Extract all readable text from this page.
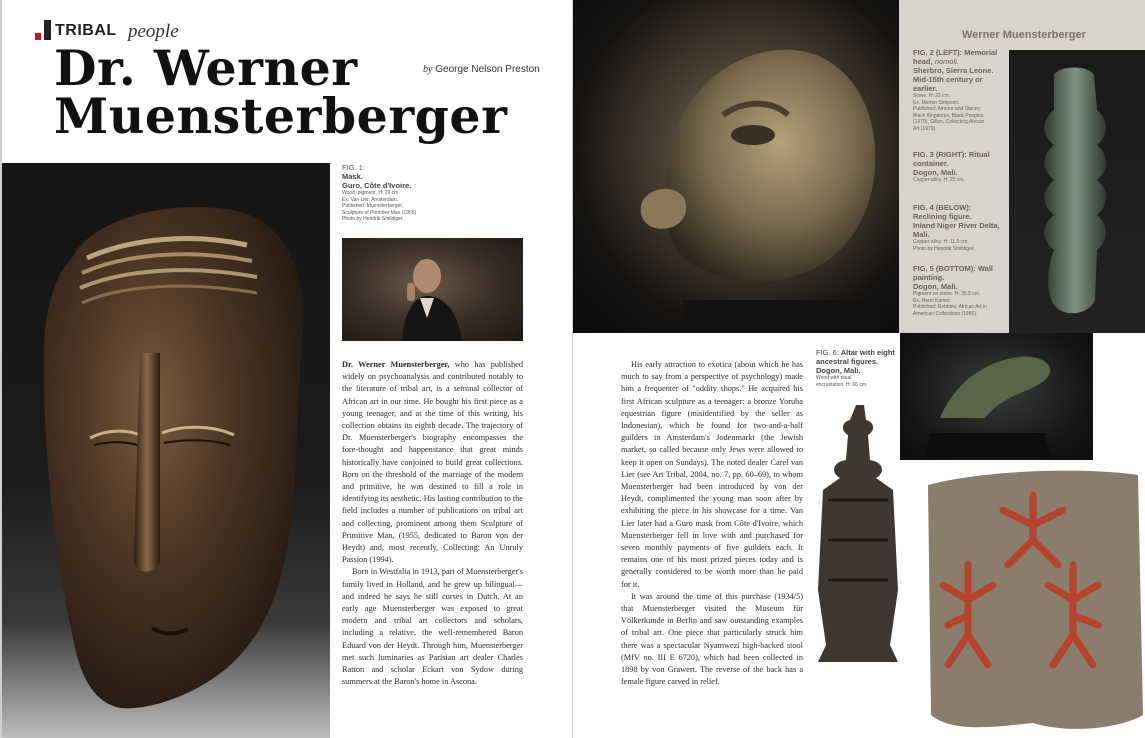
TRIBAL people
Dr. Werner
Muensterberger
by George Nelson Preston
FIG. 1:
Mask.
Guro, Côte d'Ivoire.
Wood, pigment. H: 29 cm.
Ex. Van Lier, Amsterdam.
Published: Muensterberger,
Sculpture of Primitive Man (1955)
Photo by Hendrik Smildiger.

Dr. Werner Muensterberger, who has published widely on psychoanalysis and contributed notably to the literature of tribal art, is a seminal collector of African art in our time. He bought his first piece as a young teenager, and at the time of this writing, his collection obtains its eighth decade. The trajectory of Dr. Muensterberger's biography encompasses the fore-thought and happenstance that great minds historically have conjoined to build great collections. Born on the threshold of the marriage of the modern and primitive, he was destined to fill a role in identifying its aesthetic. His lasting contribution to the field includes a number of publications on tribal art and collecting, prominent among them Sculpture of Primitive Man, (1955, dedicated to Baron von der Heydt) and, most recently, Collecting: An Unruly Passion (1994).

Born in Westfalia in 1913, part of Muensterberger's family lived in Holland, and he grew up bilingual—and indeed he says he still curses in Dutch. At an early age Muensterberger was exposed to great modern and tribal art collectors and scholars, including a relative, the well-remembered Baron Eduard von der Heydt. Through him, Muensterberger met such luminaries as Parisian art dealer Charles Ratton and scholar Eckart von Sydow during summers at the Baron's home in Ascona.

Werner Muensterberger
FIG. 2 (LEFT): Memorial head, nomoli.
Sherbro, Sierra Leone. Mid-15th century or earlier.
Stone. H: 22 cm.
Ex. Merton Simpson.
Published: Atmore and Stacey,
Black Kingdoms, Black Peoples
(1979), Gillon, Collecting African
Art (1979).
FIG. 3 (RIGHT): Ritual container.
Dogon, Mali.
Copper alloy. H: 20 cm.
FIG. 4 (BELOW): Reclining figure.
Inland Niger River Delta, Mali.
Copper alloy. H: 11.5 cm.
Photo by Hendrik Smildiger.
FIG. 5 (BOTTOM): Wall painting.
Dogon, Mali.
Pigment on stone. H: 35.5 cm.
Ex. Henri Kamer.
Published: Robbins, African Art in
American Collections (1966).
FIG. 6: Altar with eight ancestral figures.
Dogon, Mali.
Wood with ritual
encrustation. H: 66 cm.

His early attraction to exotica (about which he has much to say from a perspective of psychology) made him a frequenter of "oddity shops." He acquired his first African sculpture as a teenager: a bronze Yoruba equestrian figure (misidentified by the seller as Indonesian), which he found for two-and-a-half guilders in Amsterdam's Jodenmarkt (the Jewish market, so called because only Jews were allowed to keep it open on Sundays). The noted dealer Carel van Lier (see Art Tribal, 2004, no. 7, pp. 60–69), to whom Muensterberger had been introduced by von der Heydt, complimented the young man soon after by exhibiting the piece in his showcase for a time. Van Lier later had a Guro mask from Côte d'Ivoire, which Muensterberger fell in love with and purchased for seven monthly payments of five guilders each. It remains one of his most prized pieces today and is generally considered to be worth more than he paid for it.

It was around the time of this purchase (1934/5) that Muensterberger visited the Museum für Völkerkunde in Berlin and saw outstanding examples of tribal art. One piece that particularly struck him there was a spectacular Nyamwezi high-backed stool (MfV no. III E 6720), which had been collected in 1898 by von Grawert. The reverse of the back has a female figure carved in relief.
